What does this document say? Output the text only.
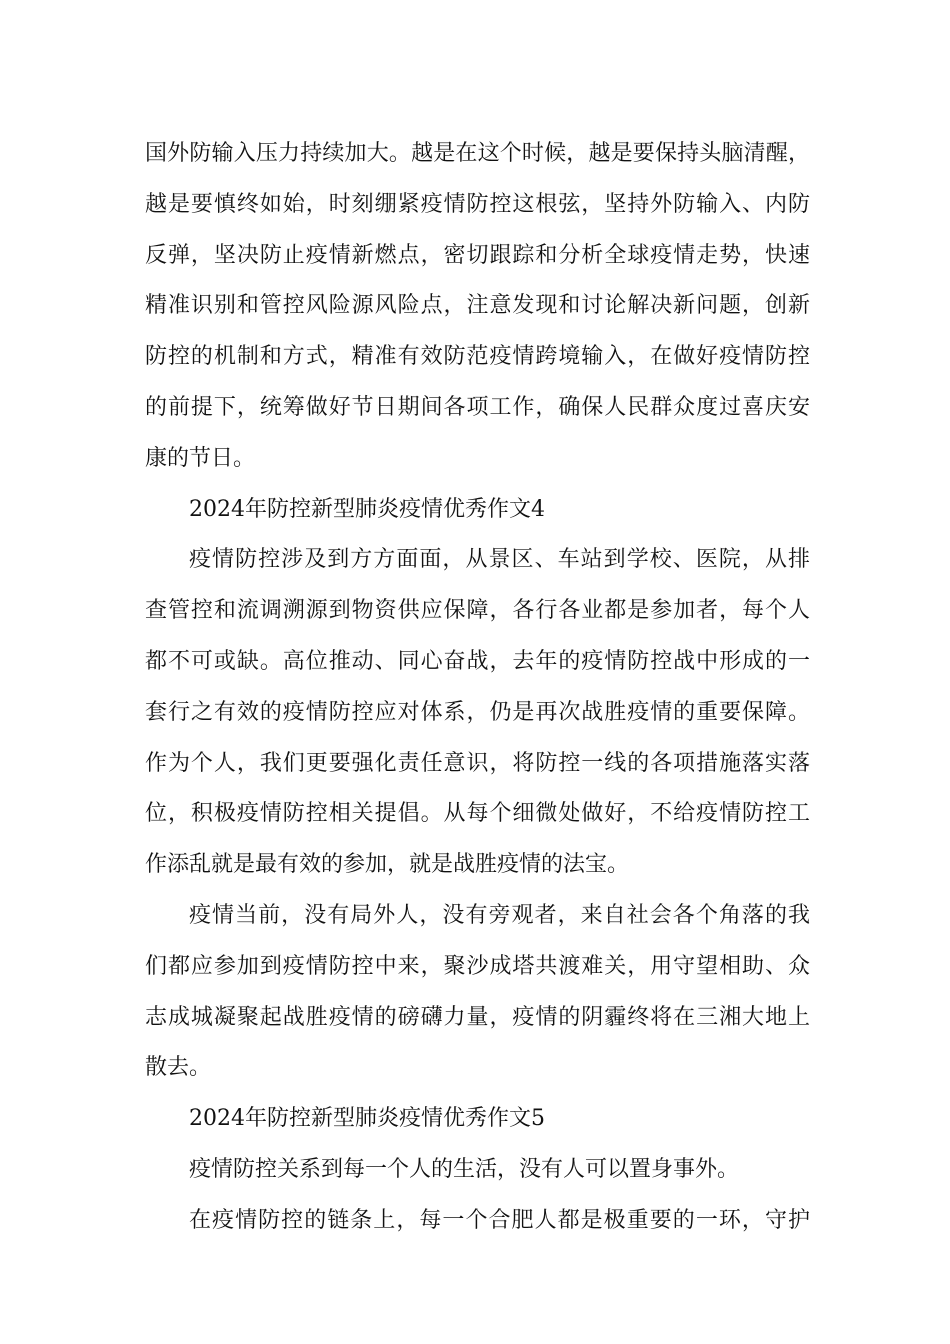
国外防输入压力持续加大。越是在这个时候，越是要保持头脑清醒，
越是要慎终如始，时刻绷紧疫情防控这根弦，坚持外防输入、内防
反弹，坚决防止疫情新燃点，密切跟踪和分析全球疫情走势，快速
精准识别和管控风险源风险点，注意发现和讨论解决新问题，创新
防控的机制和方式，精准有效防范疫情跨境输入，在做好疫情防控
的前提下，统筹做好节日期间各项工作，确保人民群众度过喜庆安
康的节日。
2024年防控新型肺炎疫情优秀作文4
疫情防控涉及到方方面面，从景区、车站到学校、医院，从排
查管控和流调溯源到物资供应保障，各行各业都是参加者，每个人
都不可或缺。高位推动、同心奋战，去年的疫情防控战中形成的一
套行之有效的疫情防控应对体系，仍是再次战胜疫情的重要保障。
作为个人，我们更要强化责任意识，将防控一线的各项措施落实落
位，积极疫情防控相关提倡。从每个细微处做好，不给疫情防控工
作添乱就是最有效的参加，就是战胜疫情的法宝。
疫情当前，没有局外人，没有旁观者，来自社会各个角落的我
们都应参加到疫情防控中来，聚沙成塔共渡难关，用守望相助、众
志成城凝聚起战胜疫情的磅礴力量，疫情的阴霾终将在三湘大地上
散去。
2024年防控新型肺炎疫情优秀作文5
疫情防控关系到每一个人的生活，没有人可以置身事外。
在疫情防控的链条上，每一个合肥人都是极重要的一环，守护
